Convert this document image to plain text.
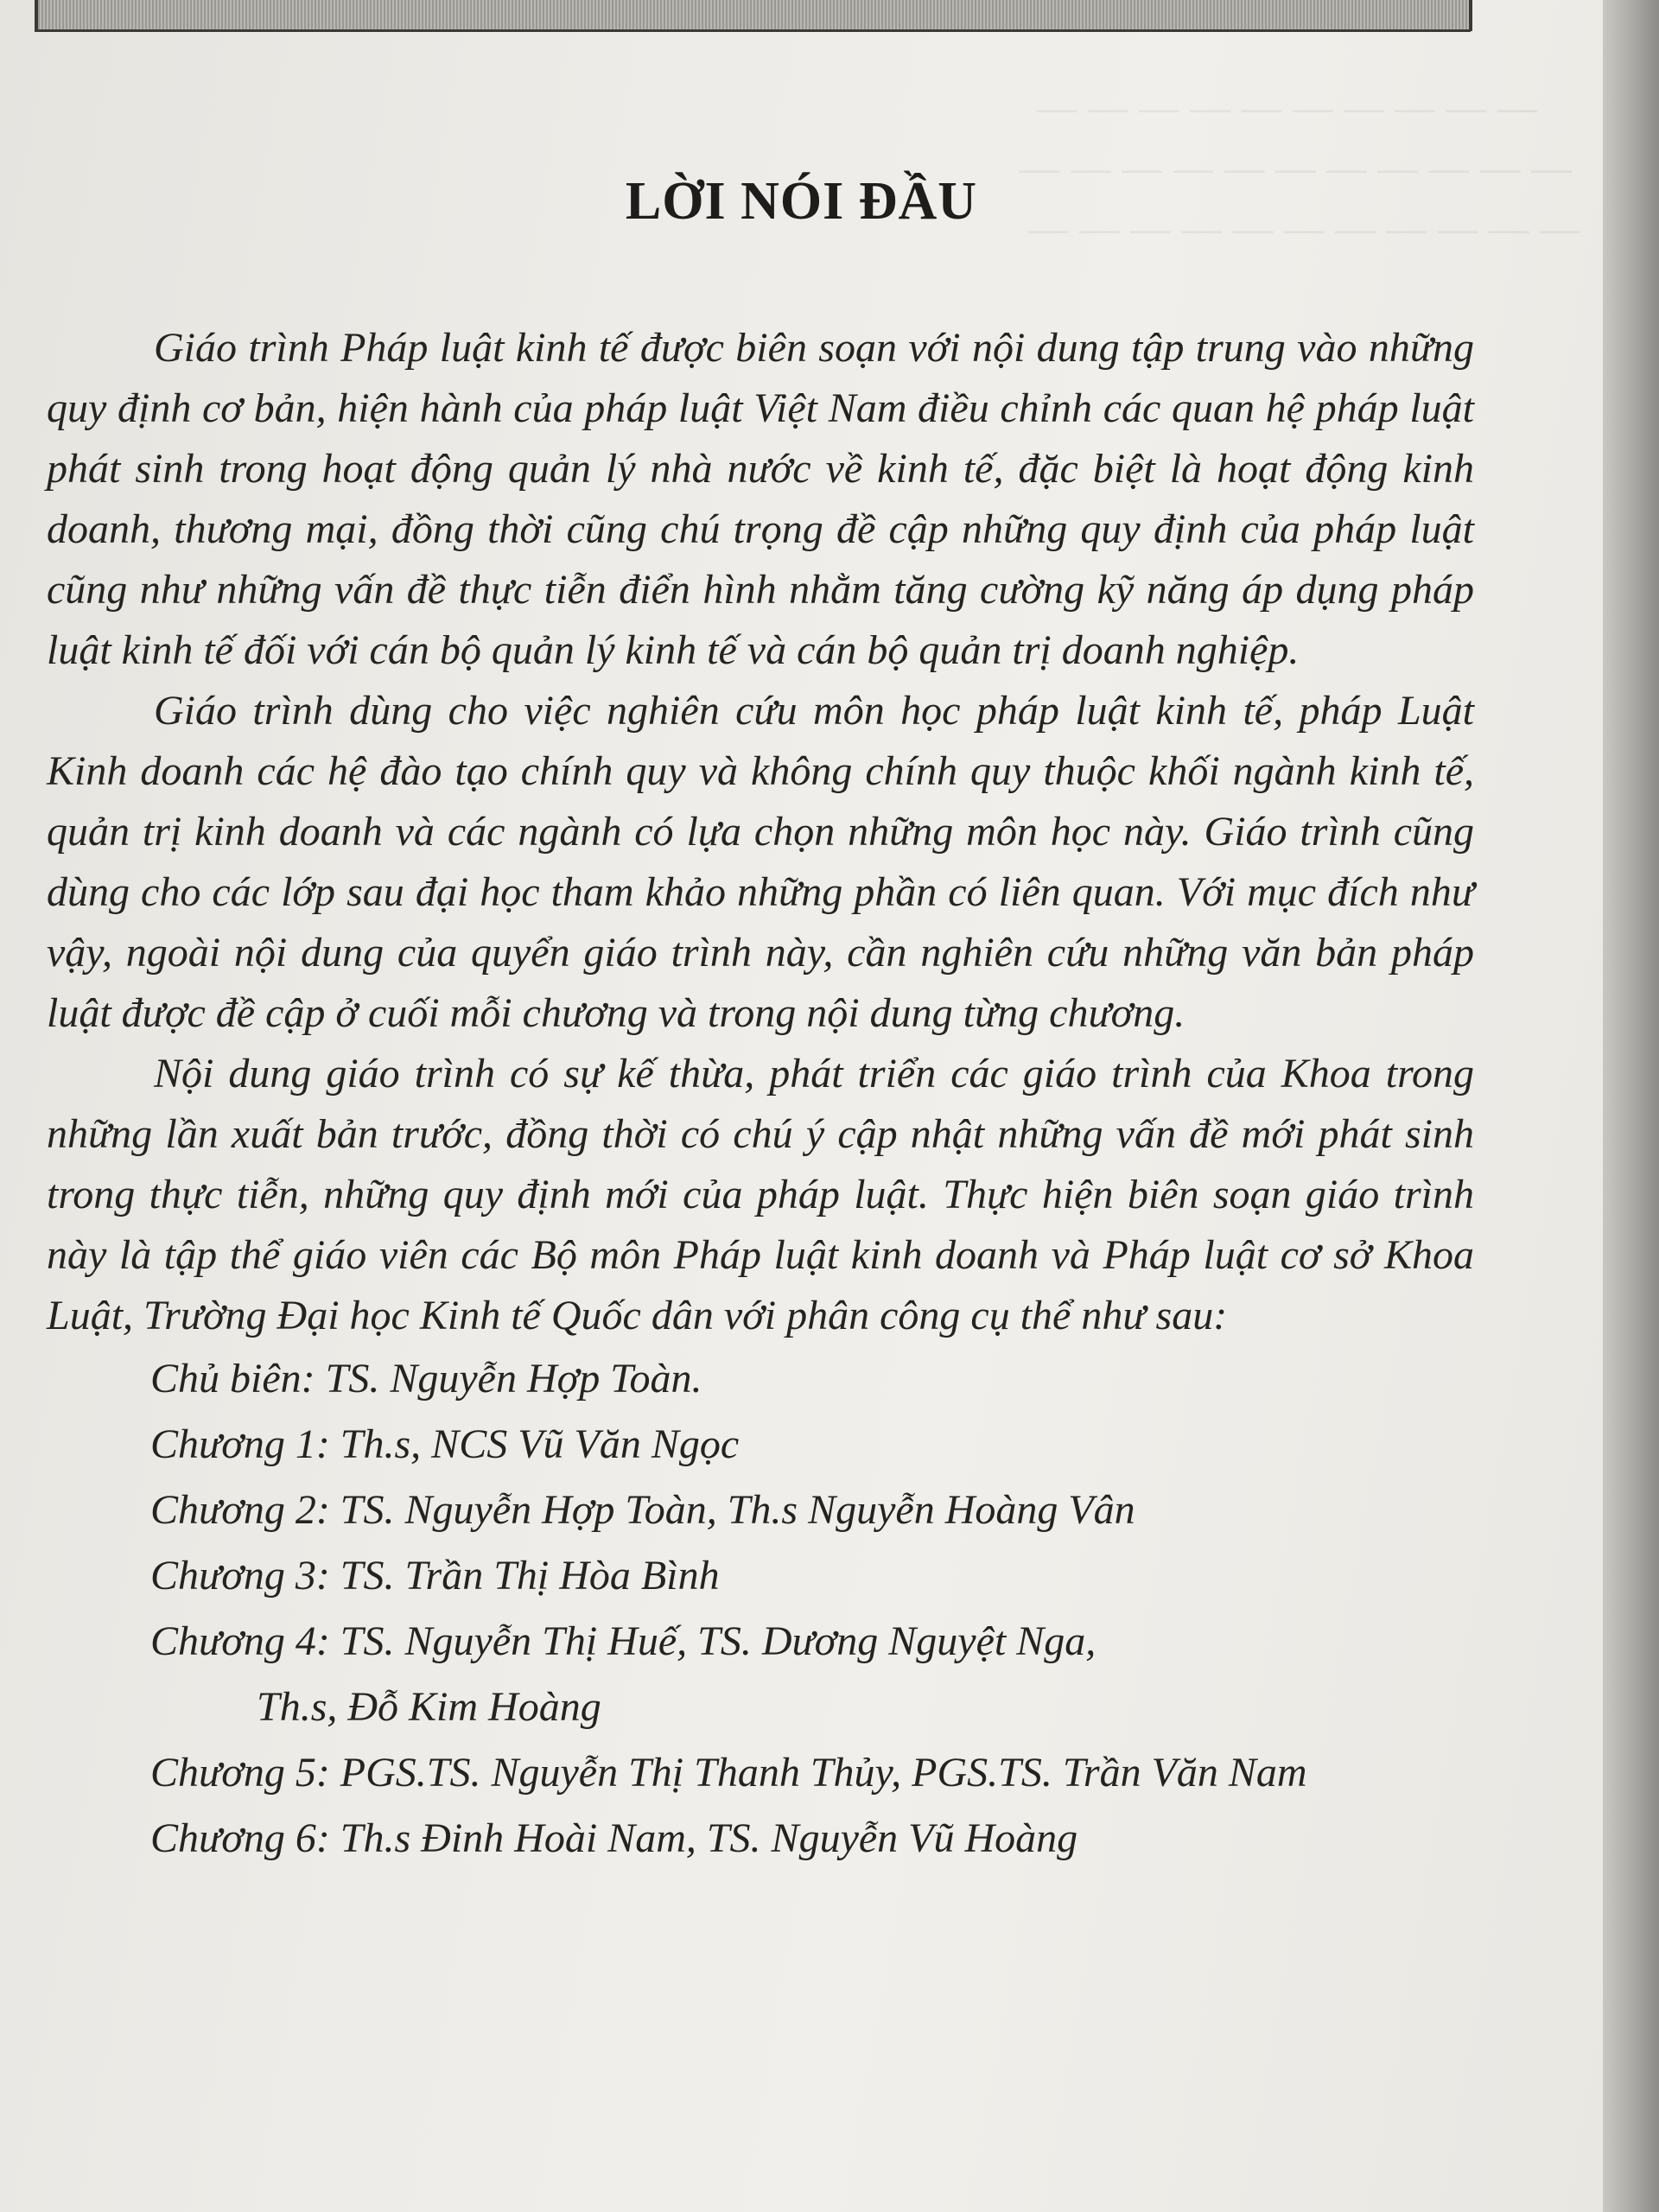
— — — — — — — — — —
— — — — — — — — — — —
— — — — — — — — — — —
LỜI NÓI ĐẦU

Giáo trình Pháp luật kinh tế được biên soạn với nội dung tập trung vào những quy định cơ bản, hiện hành của pháp luật Việt Nam điều chỉnh các quan hệ pháp luật phát sinh trong hoạt động quản lý nhà nước về kinh tế, đặc biệt là hoạt động kinh doanh, thương mại, đồng thời cũng chú trọng đề cập những quy định của pháp luật cũng như những vấn đề thực tiễn điển hình nhằm tăng cường kỹ năng áp dụng pháp luật kinh tế đối với cán bộ quản lý kinh tế và cán bộ quản trị doanh nghiệp.

Giáo trình dùng cho việc nghiên cứu môn học pháp luật kinh tế, pháp Luật Kinh doanh các hệ đào tạo chính quy và không chính quy thuộc khối ngành kinh tế, quản trị kinh doanh và các ngành có lựa chọn những môn học này. Giáo trình cũng dùng cho các lớp sau đại học tham khảo những phần có liên quan. Với mục đích như vậy, ngoài nội dung của quyển giáo trình này, cần nghiên cứu những văn bản pháp luật được đề cập ở cuối mỗi chương và trong nội dung từng chương.

Nội dung giáo trình có sự kế thừa, phát triển các giáo trình của Khoa trong những lần xuất bản trước, đồng thời có chú ý cập nhật những vấn đề mới phát sinh trong thực tiễn, những quy định mới của pháp luật. Thực hiện biên soạn giáo trình này là tập thể giáo viên các Bộ môn Pháp luật kinh doanh và Pháp luật cơ sở Khoa Luật, Trường Đại học Kinh tế Quốc dân với phân công cụ thể như sau:

Chủ biên: TS. Nguyễn Hợp Toàn.
Chương 1: Th.s, NCS Vũ Văn Ngọc
Chương 2: TS. Nguyễn Hợp Toàn, Th.s Nguyễn Hoàng Vân
Chương 3: TS. Trần Thị Hòa Bình
Chương 4: TS. Nguyễn Thị Huế, TS. Dương Nguyệt Nga,
Th.s, Đỗ Kim Hoàng
Chương 5: PGS.TS. Nguyễn Thị Thanh Thủy, PGS.TS. Trần Văn Nam
Chương 6: Th.s Đinh Hoài Nam, TS. Nguyễn Vũ Hoàng
